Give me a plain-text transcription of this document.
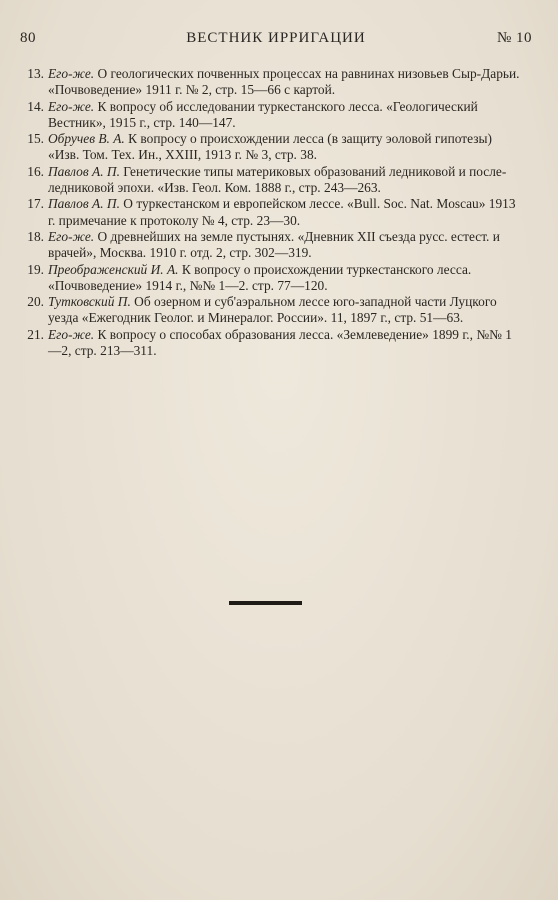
80	ВЕСТНИК ИРРИГАЦИИ	№ 10

13. Его-же. О геологических почвенных процессах на равнинах низовьев Сыр-Дарьи. «Почвоведение» 1911 г. № 2, стр. 15—66 с картой.

14. Его-же. К вопросу об исследовании туркестанского лесса. «Геологический Вестник», 1915 г., стр. 140—147.

15. Обручев В. А. К вопросу о происхождении лесса (в защиту эоловой гипотезы) «Изв. Том. Тех. Ин., XXIII, 1913 г. № 3, стр. 38.

16. Павлов А. П. Генетические типы материковых образований ледниковой и после-ледниковой эпохи. «Изв. Геол. Ком. 1888 г., стр. 243—263.

17. Павлов А. П. О туркестанском и европейском лессе. «Bull. Soc. Nat. Moscau» 1913 г. примечание к протоколу № 4, стр. 23—30.

18. Его-же. О древнейших на земле пустынях. «Дневник XII съезда русс. естест. и врачей», Москва. 1910 г. отд. 2, стр. 302—319.

19. Преображенский И. А. К вопросу о происхождении туркестанского лесса. «Почвоведение» 1914 г., №№ 1—2. стр. 77—120.

20. Тутковский П. Об озерном и суб'аэральном лессе юго-западной части Луцкого уезда «Ежегодник Геолог. и Минералог. России». 11, 1897 г., стр. 51—63.

21. Его-же. К вопросу о способах образования лесса. «Землеведение» 1899 г., №№ 1—2, стр. 213—311.
